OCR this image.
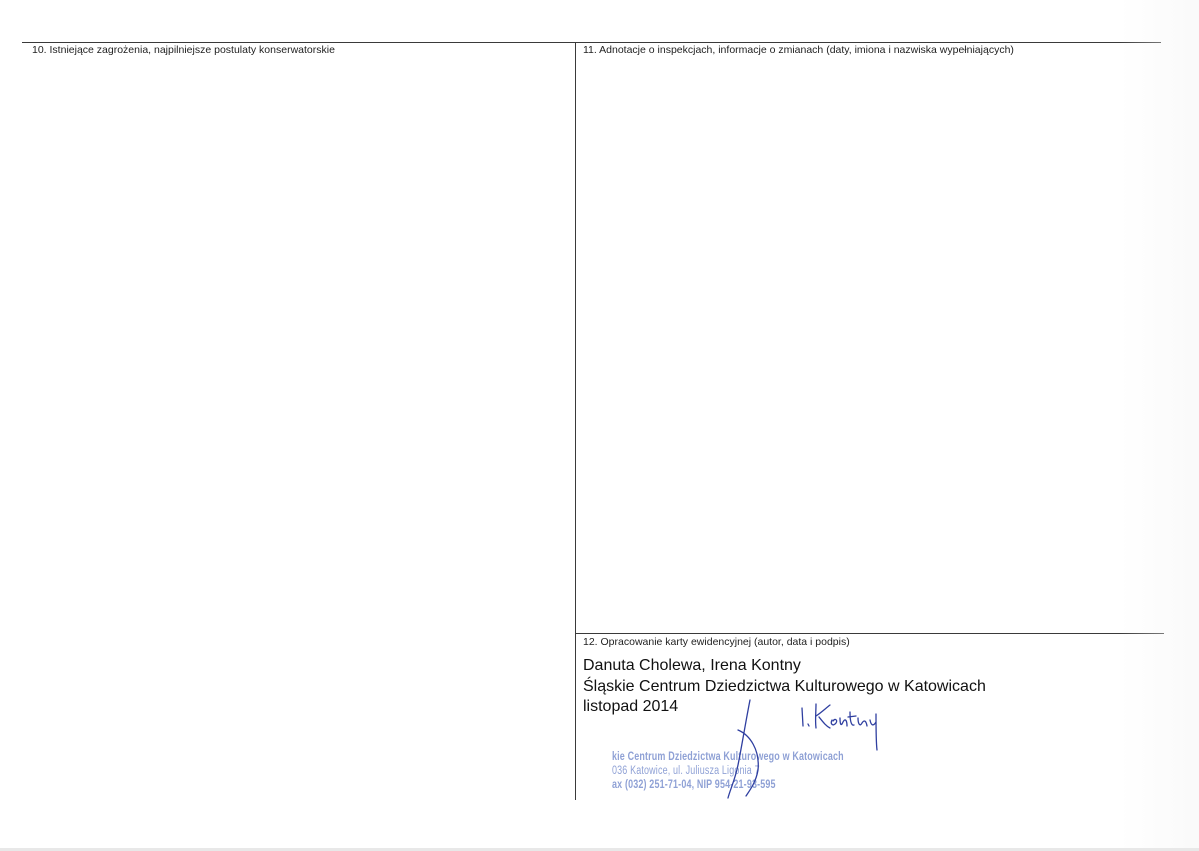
10. Istniejące zagrożenia, najpilniejsze postulaty konserwatorskie	11. Adnotacje o inspekcjach, informacje o zmianach (daty, imiona i nazwiska wypełniających)
12. Opracowanie karty ewidencyjnej (autor, data i podpis)
Danuta Cholewa, Irena Kontny
Śląskie Centrum Dziedzictwa Kulturowego w Katowicach
listopad 2014
kie Centrum Dziedzictwa Kulturowego w Katowicach
036 Katowice, ul. Juliusza Ligonia 7
ax (032) 251-71-04, NIP 954-21-93-595
